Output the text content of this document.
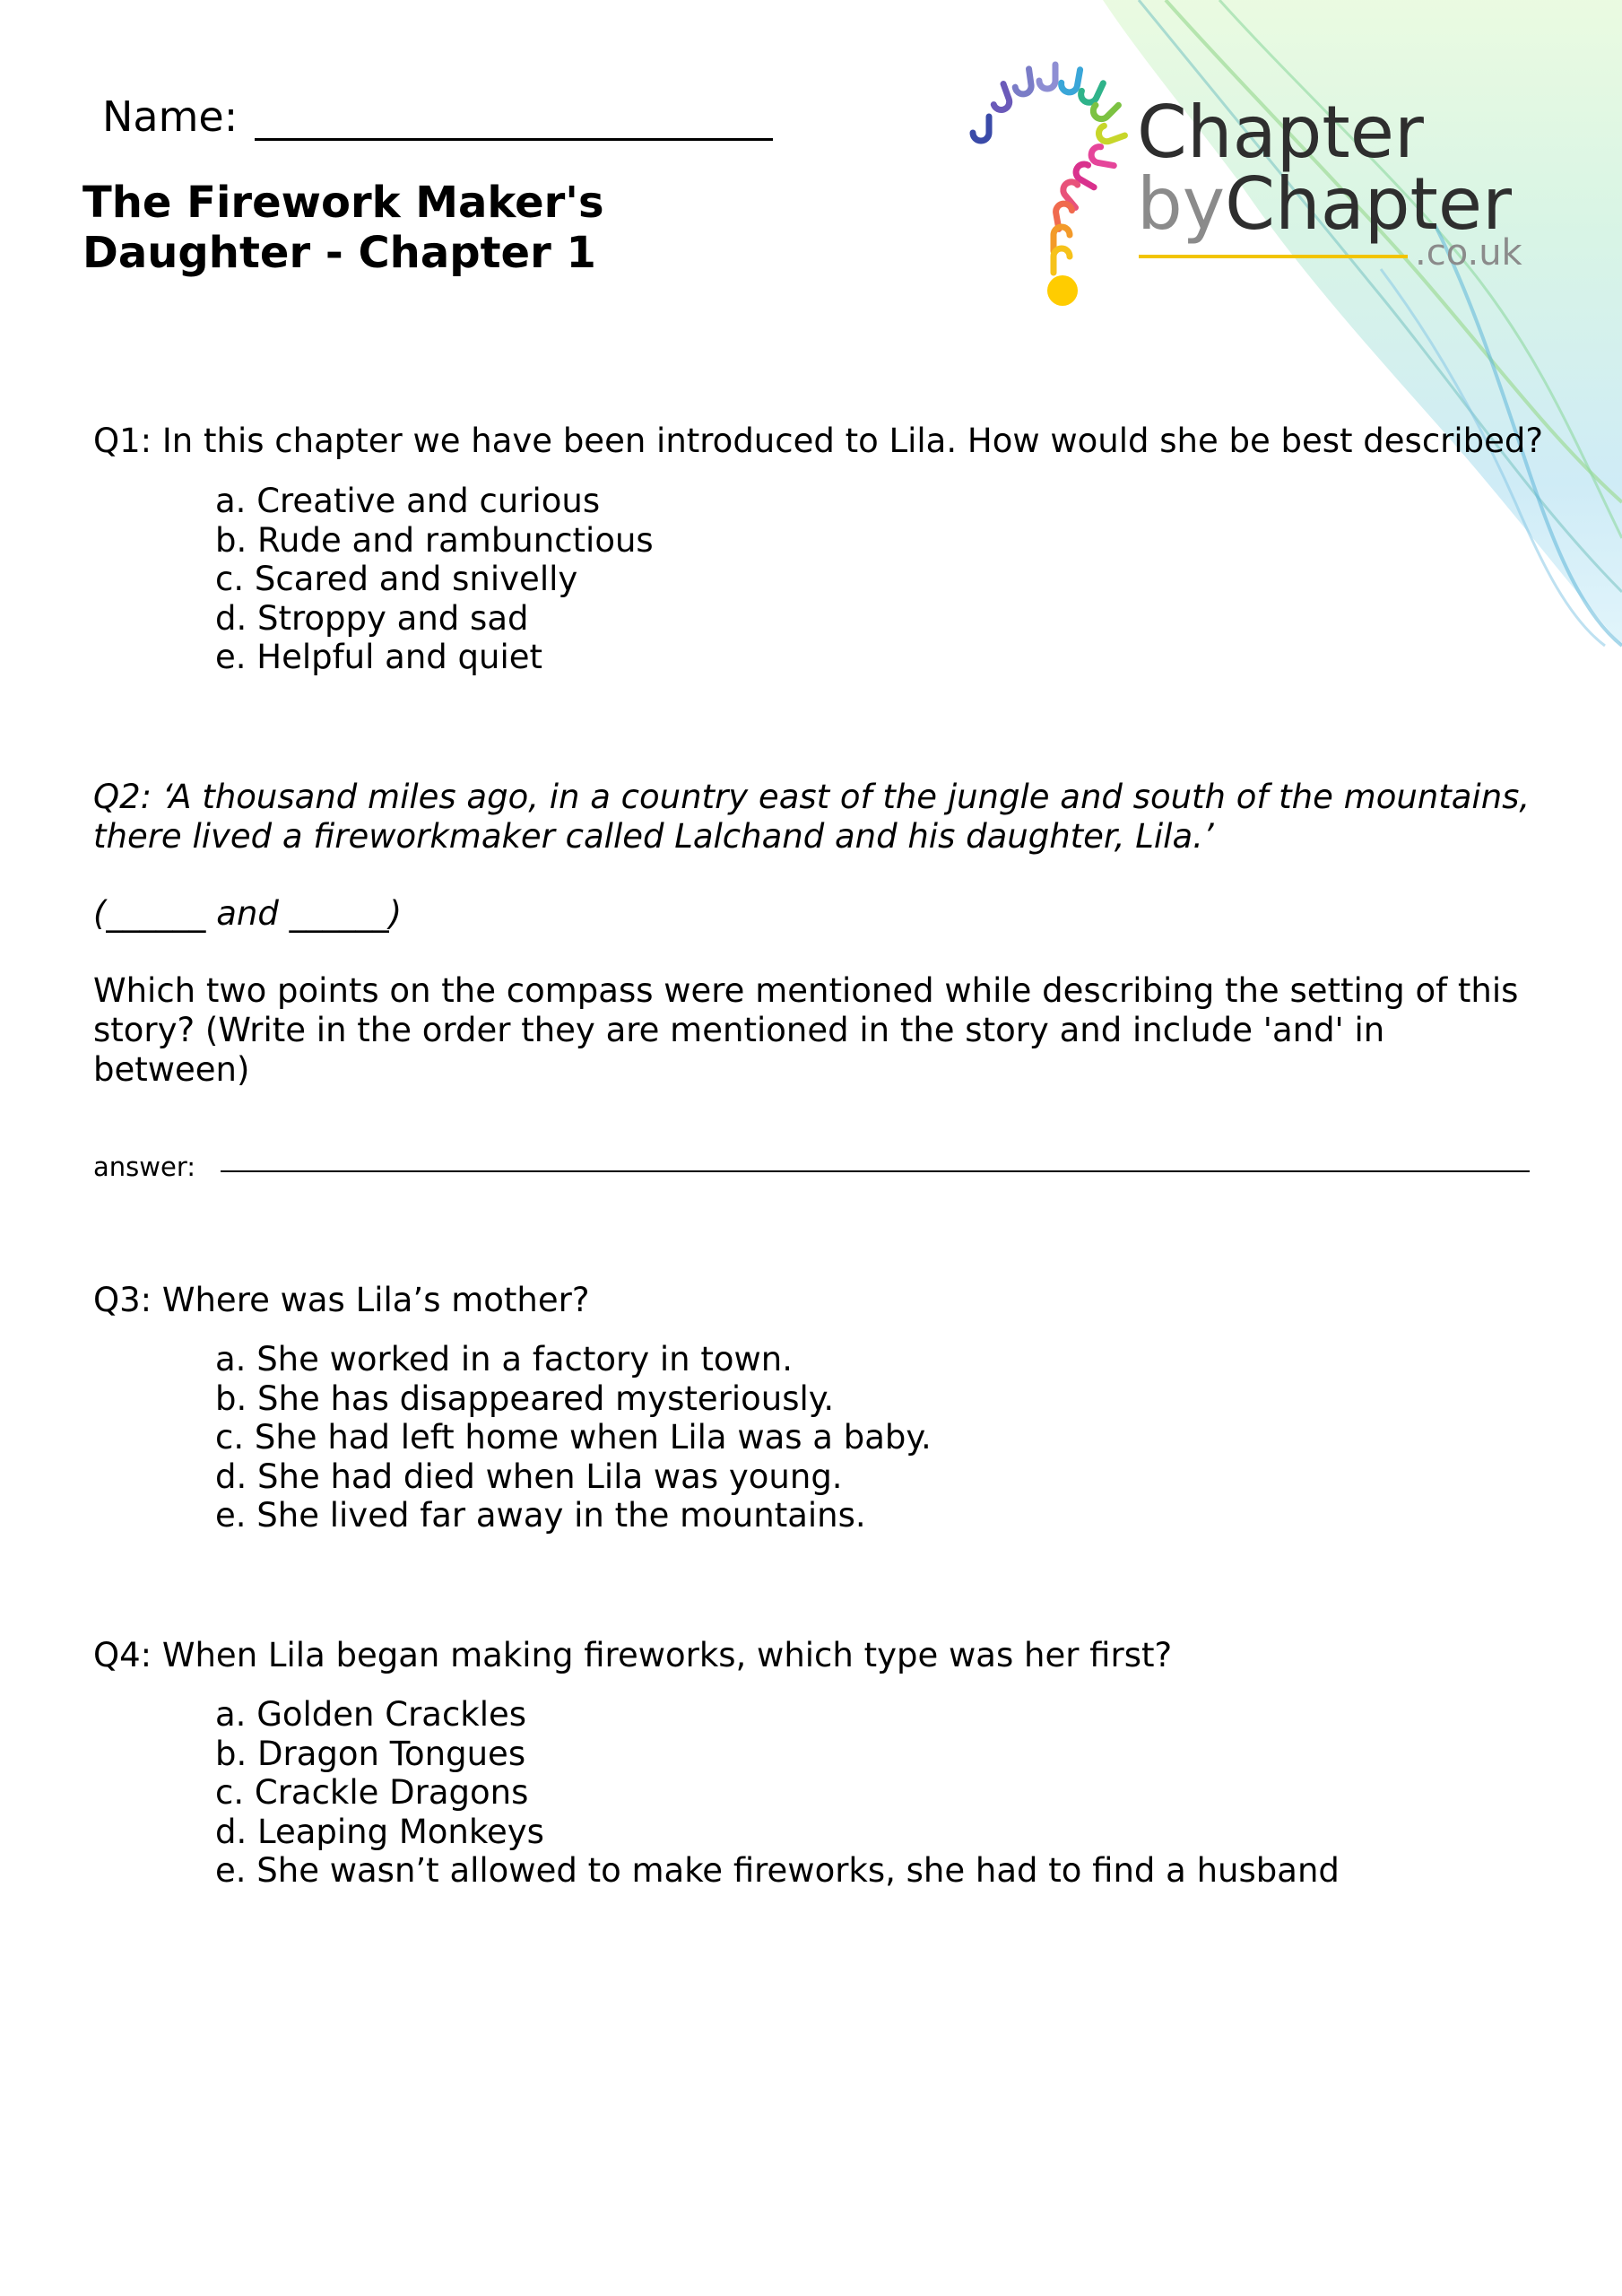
Name:
The Firework Maker's
Daughter - Chapter 1
Chapter
byChapter
.co.uk
Q1: In this chapter we have been introduced to Lila. How would she be best described?
a. Creative and curious
b. Rude and rambunctious
c. Scared and snivelly
d. Stroppy and sad
e. Helpful and quiet
Q2: ‘A thousand miles ago, in a country east of the jungle and south of the mountains,
there lived a fireworkmaker called Lalchand and his daughter, Lila.’
(______ and ______)
Which two points on the compass were mentioned while describing the setting of this
story? (Write in the order they are mentioned in the story and include 'and' in
between)
answer:
Q3: Where was Lila’s mother?
a. She worked in a factory in town.
b. She has disappeared mysteriously.
c. She had left home when Lila was a baby.
d. She had died when Lila was young.
e. She lived far away in the mountains.
Q4: When Lila began making fireworks, which type was her first?
a. Golden Crackles
b. Dragon Tongues
c. Crackle Dragons
d. Leaping Monkeys
e. She wasn’t allowed to make fireworks, she had to find a husband
